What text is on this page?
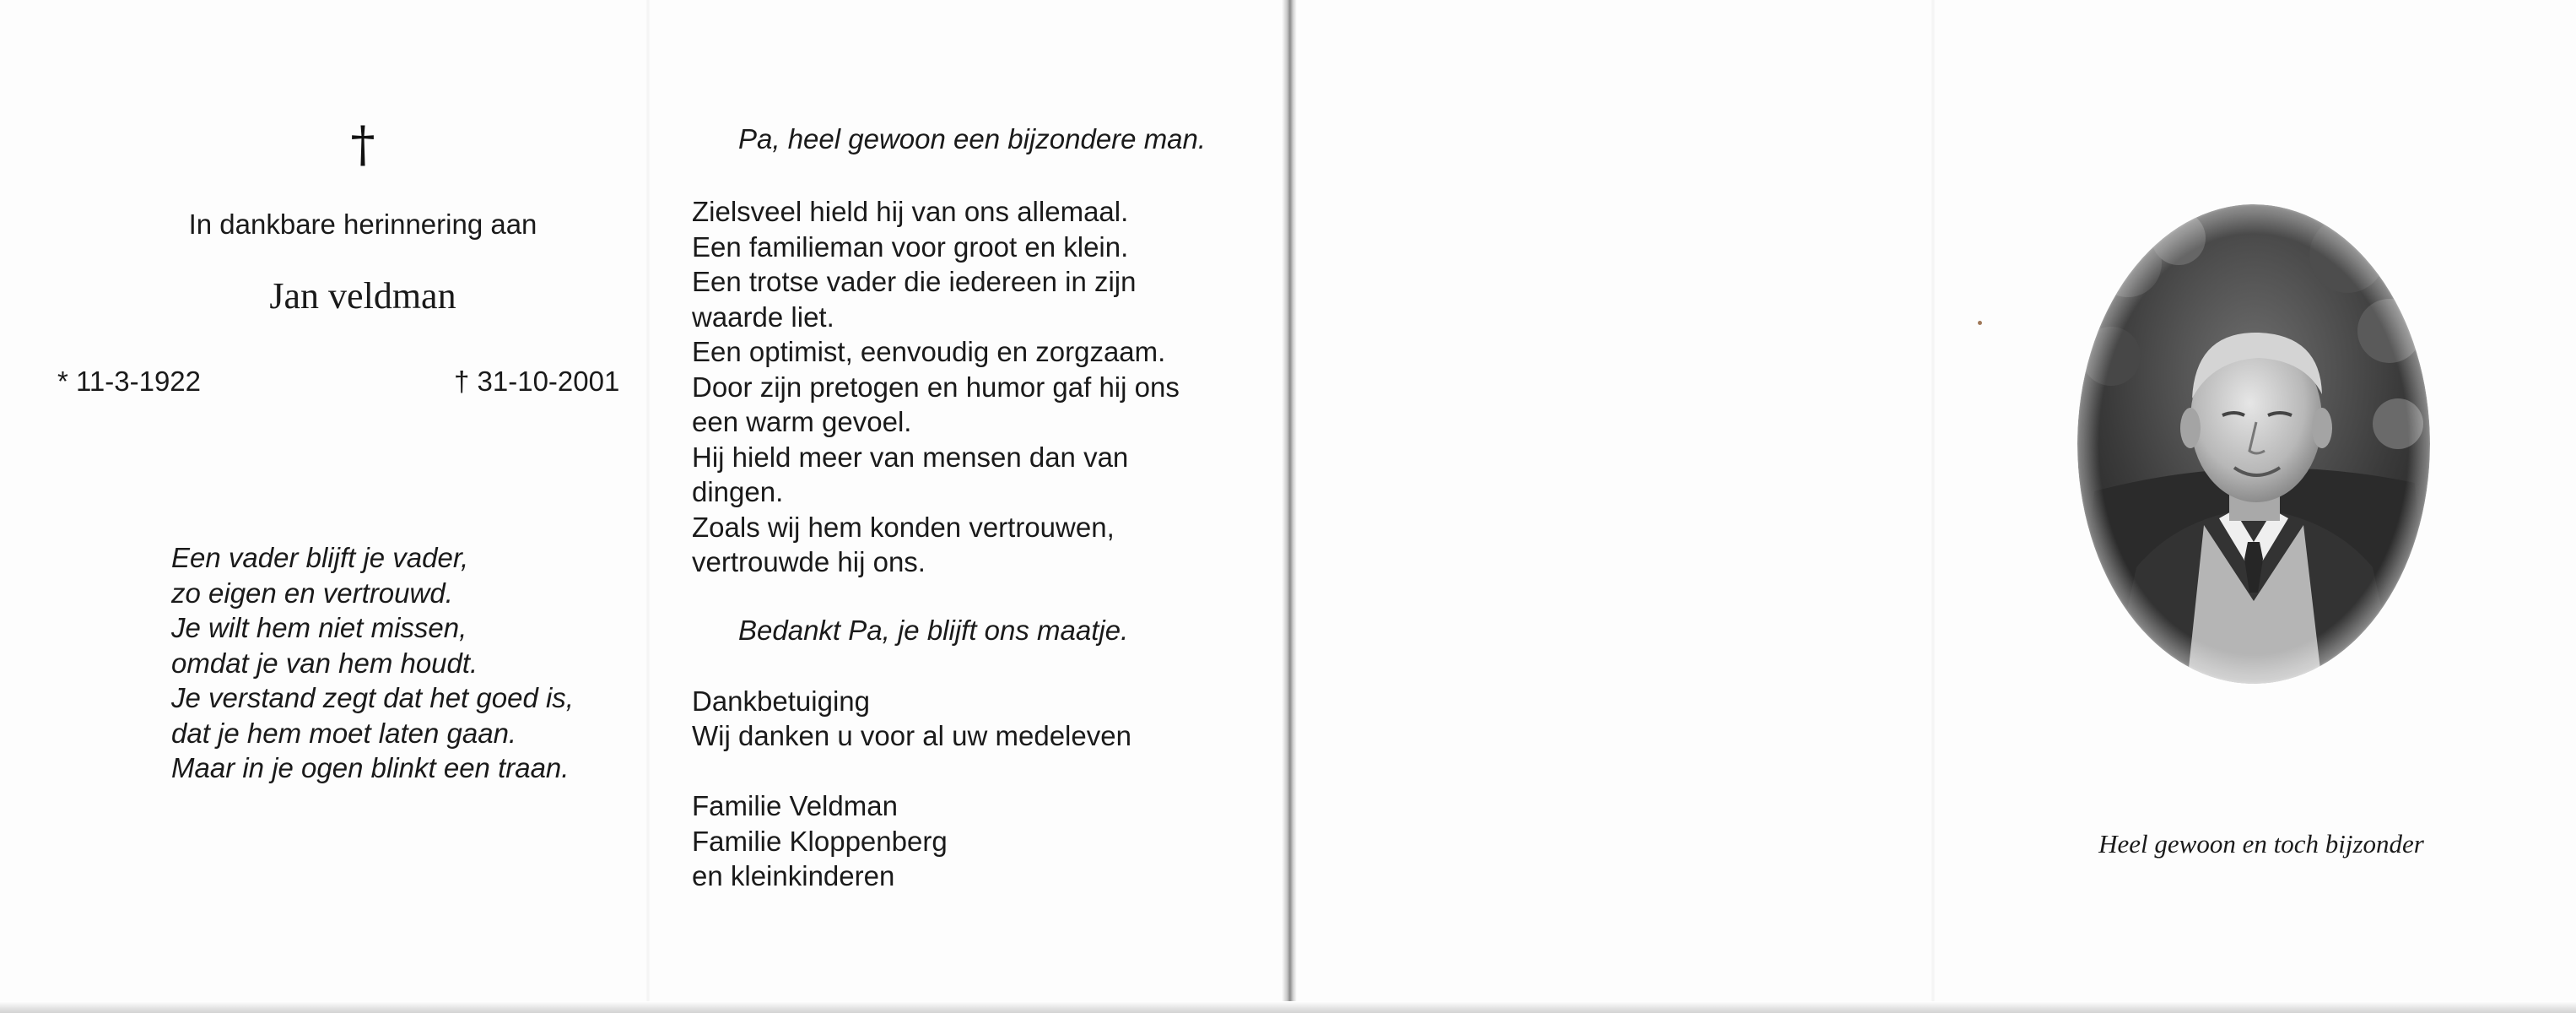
†
In dankbare herinnering aan
Jan veldman
* 11-3-1922	† 31-10-2001
Een vader blijft je vader,
zo eigen en vertrouwd.
Je wilt hem niet missen,
omdat je van hem houdt.
Je verstand zegt dat het goed is,
dat je hem moet laten gaan.
Maar in je ogen blinkt een traan.
Pa, heel gewoon een bijzondere man.
Zielsveel hield hij van ons allemaal.
Een familieman voor groot en klein.
Een trotse vader die iedereen in zijn
waarde liet.
Een optimist, eenvoudig en zorgzaam.
Door zijn pretogen en humor gaf hij ons
een warm gevoel.
Hij hield meer van mensen dan van
dingen.
Zoals wij hem konden vertrouwen,
vertrouwde hij ons.
Bedankt Pa, je blijft ons maatje.
Dankbetuiging
Wij danken u voor al uw medeleven
Familie Veldman
Familie Kloppenberg
en kleinkinderen
Heel gewoon en toch bijzonder
